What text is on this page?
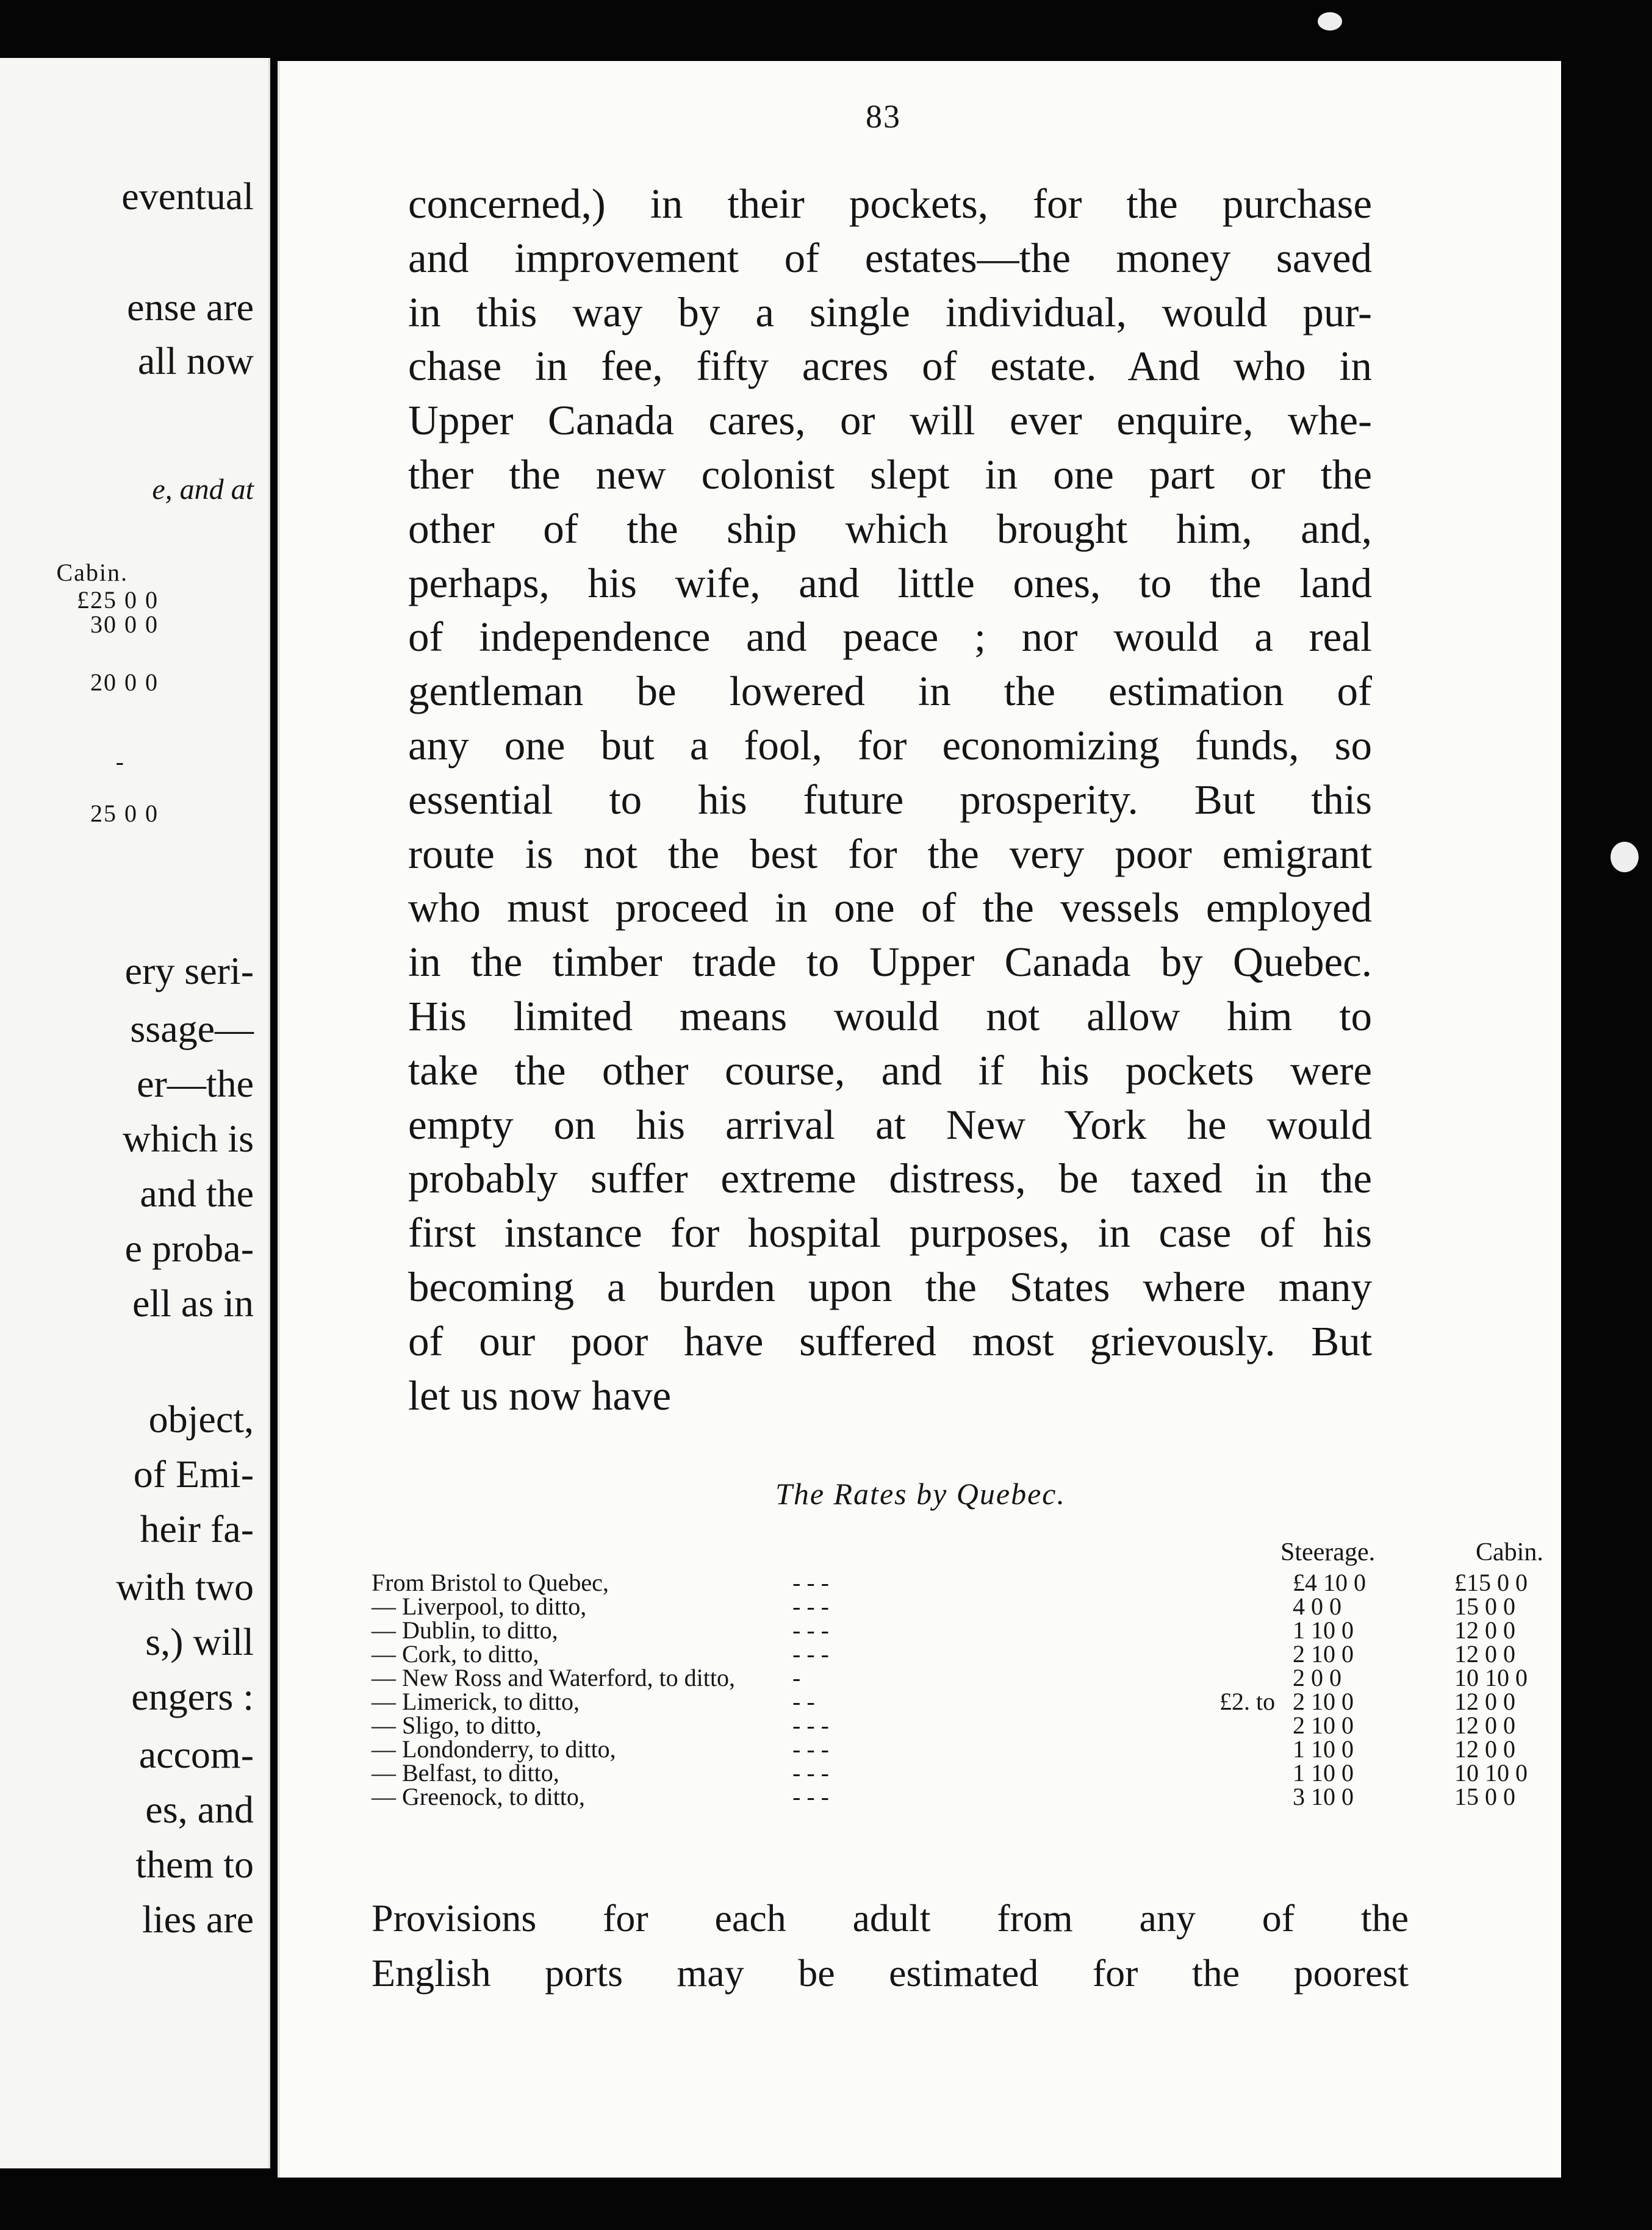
eventual
ense are
all now
e, and at
Cabin.
£25 0 0
30 0 0
20 0 0
-
25 0 0
ery seri-
ssage—
er—the
which is
and the
e proba-
ell as in
object,
of Emi-
heir fa-
with two
s,) will
engers :
accom-
es, and
them to
lies are
83
concerned,) in their pockets, for the purchase
and improvement of estates—the money saved
in this way by a single individual, would pur-
chase in fee, fifty acres of estate. And who in
Upper Canada cares, or will ever enquire, whe-
ther the new colonist slept in one part or the
other of the ship which brought him, and,
perhaps, his wife, and little ones, to the land
of independence and peace ; nor would a real
gentleman be lowered in the estimation of
any one but a fool, for economizing funds, so
essential to his future prosperity. But this
route is not the best for the very poor emigrant
who must proceed in one of the vessels employed
in the timber trade to Upper Canada by Quebec.
His limited means would not allow him to
take the other course, and if his pockets were
empty on his arrival at New York he would
probably suffer extreme distress, be taxed in the
first instance for hospital purposes, in case of his
becoming a burden upon the States where many
of our poor have suffered most grievously. But
let us now have
The Rates by Quebec.
Steerage.	Cabin.
From Bristol to Quebec,	- - -	£4 10 0	£15 0 0
— Liverpool, to ditto,	- - -	4 0 0	15 0 0
— Dublin, to ditto,	- - -	1 10 0	12 0 0
— Cork, to ditto,	- - -	2 10 0	12 0 0
— New Ross and Waterford, to ditto, -	2 0 0	10 10 0
— Limerick, to ditto,	- -	£2. to 2 10 0	12 0 0
— Sligo, to ditto,	- - -	2 10 0	12 0 0
— Londonderry, to ditto,	- - -	1 10 0	12 0 0
— Belfast, to ditto,	- - -	1 10 0	10 10 0
— Greenock, to ditto,	- - -	3 10 0	15 0 0
Provisions for each adult from any of the
English ports may be estimated for the poorest
